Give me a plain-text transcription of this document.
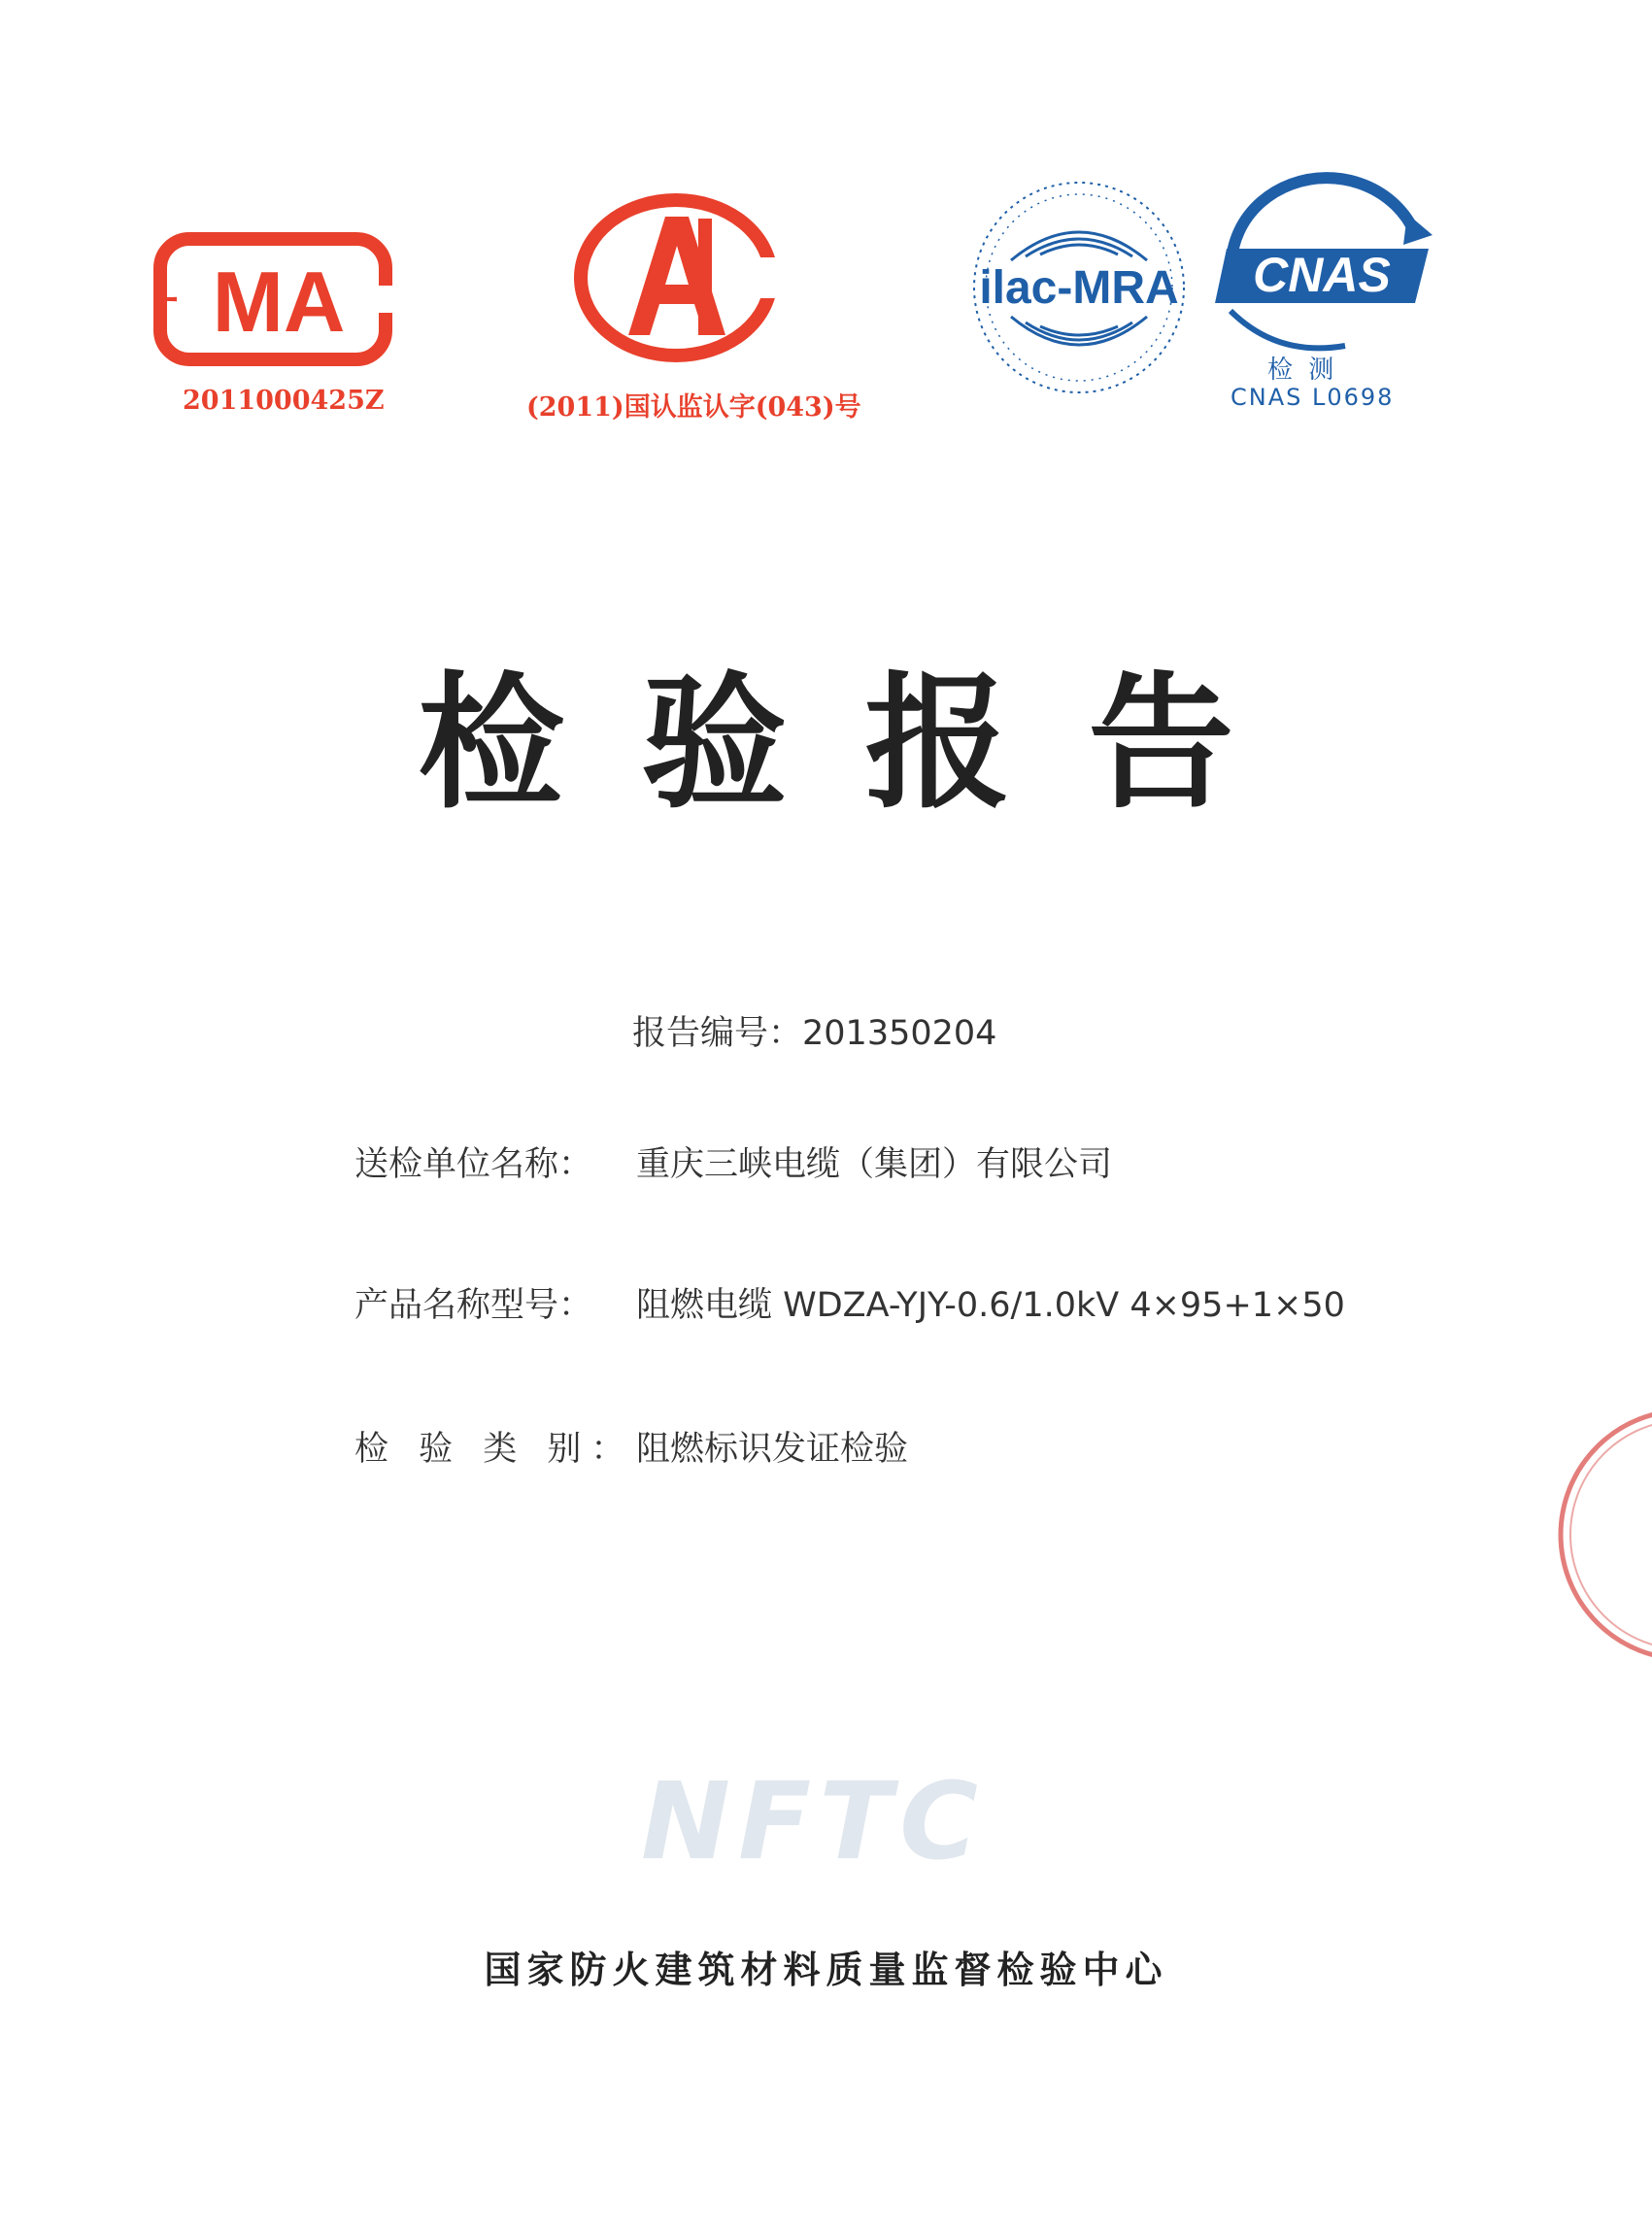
MA
2011000425Z	(2011)国认监认字(043)号
ilac-MRA CNAS
检 测
CNAS L0698
检验报告
报告编号：201350204
送检单位名称：	重庆三峡电缆（集团）有限公司
产品名称型号：	阻燃电缆 WDZA-YJY-0.6/1.0kV 4×95+1×50
检 验 类 别： 阻燃标识发证检验
NFTC
国家防火建筑材料质量监督检验中心
